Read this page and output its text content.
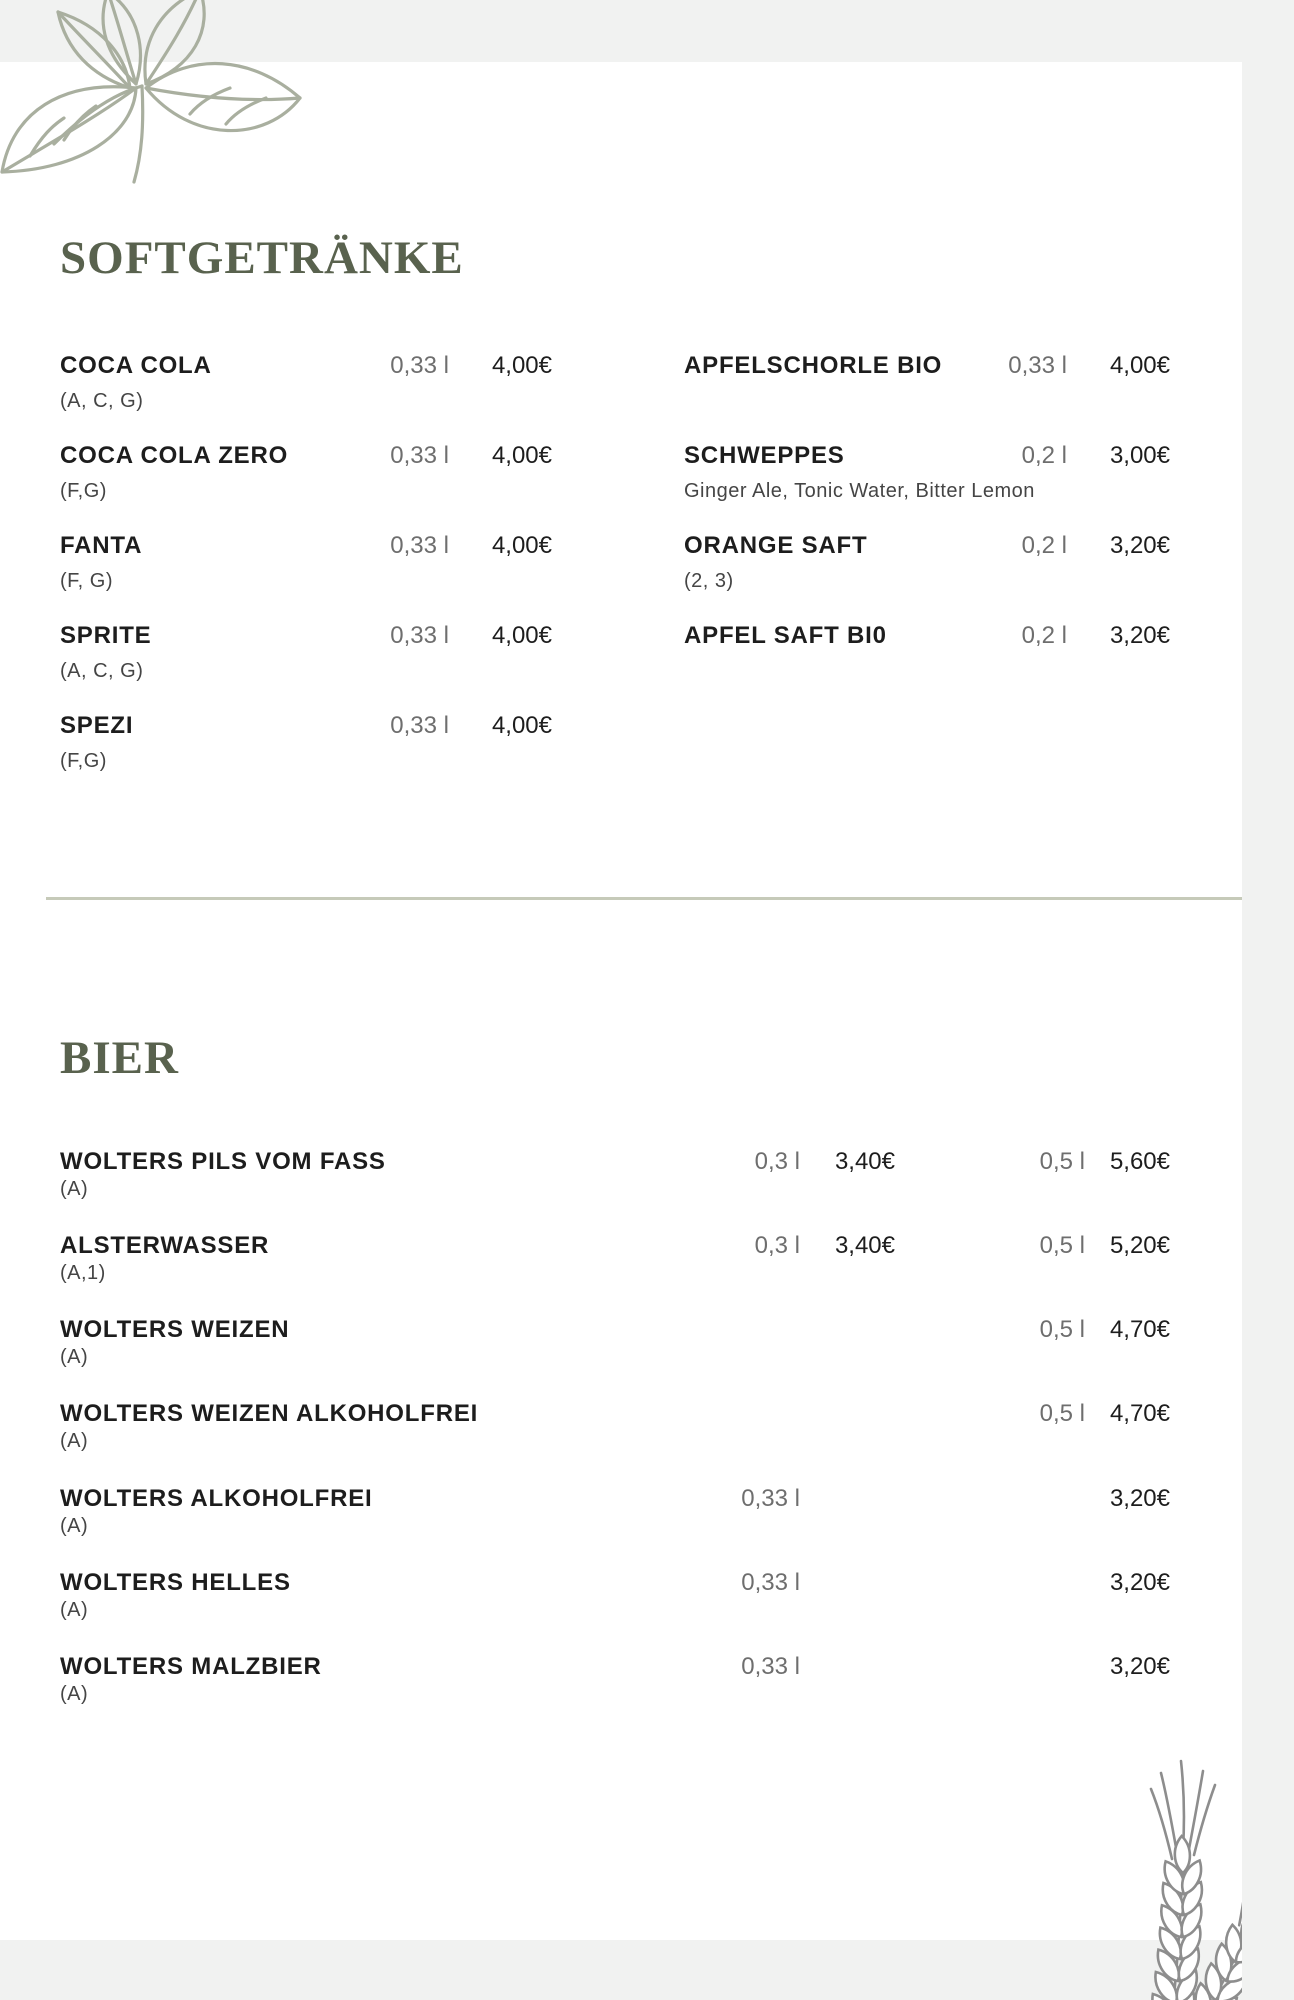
SOFTGETRÄNKE
COCA COLA	0,33 l	4,00€
(A, C, G)
COCA COLA ZERO	0,33 l	4,00€
(F,G)
FANTA	0,33 l	4,00€
(F, G)
SPRITE	0,33 l	4,00€
(A, C, G)
SPEZI	0,33 l	4,00€
(F,G)
APFELSCHORLE BIO	0,33 l	4,00€
SCHWEPPES	0,2 l	3,00€
Ginger Ale, Tonic Water, Bitter Lemon
ORANGE SAFT	0,2 l	3,20€
(2, 3)
APFEL SAFT BI0	0,2 l	3,20€
BIER
WOLTERS PILS VOM FASS	0,3 l	3,40€	0,5 l	5,60€
(A)
ALSTERWASSER	0,3 l	3,40€	0,5 l	5,20€
(A,1)
WOLTERS WEIZEN	0,5 l	4,70€
(A)
WOLTERS WEIZEN ALKOHOLFREI	0,5 l	4,70€
(A)
WOLTERS ALKOHOLFREI	0,33 l	3,20€
(A)
WOLTERS HELLES	0,33 l	3,20€
(A)
WOLTERS MALZBIER	0,33 l	3,20€
(A)
